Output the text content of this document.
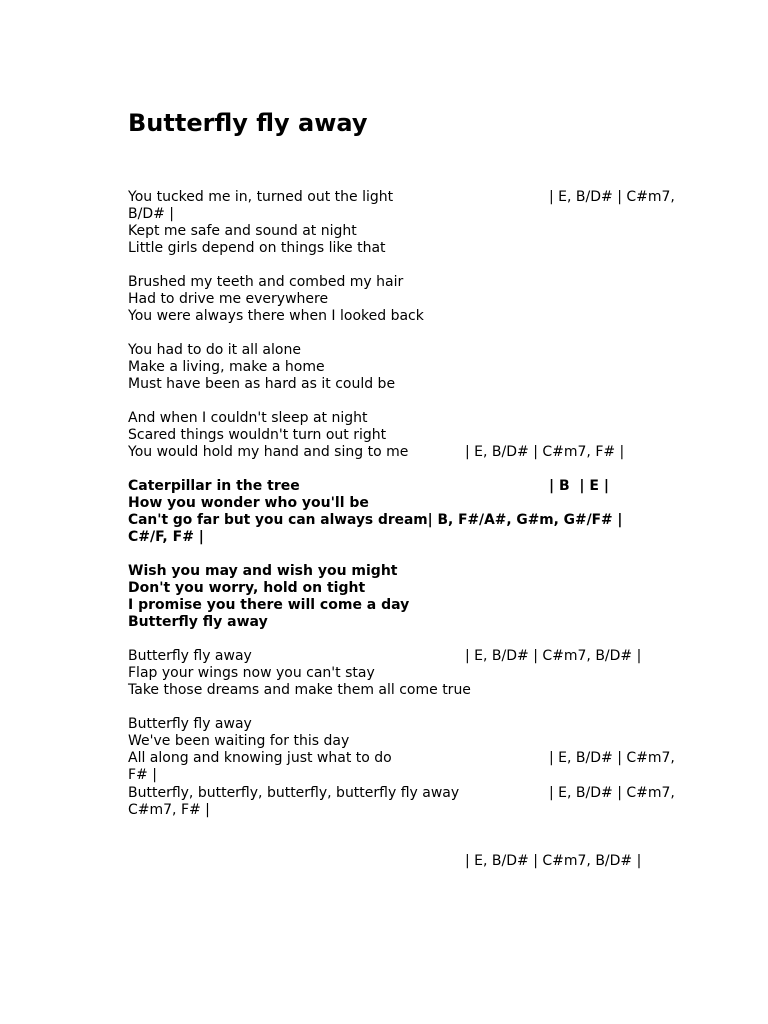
Butterfly fly away
You tucked me in, turned out the light	| E, B/D# | C#m7,
B/D# |
Kept me safe and sound at night
Little girls depend on things like that
Brushed my teeth and combed my hair
Had to drive me everywhere
You were always there when I looked back
You had to do it all alone
Make a living, make a home
Must have been as hard as it could be
And when I couldn't sleep at night
Scared things wouldn't turn out right
You would hold my hand and sing to me	| E, B/D# | C#m7, F# |
Caterpillar in the tree	| B  | E |
How you wonder who you'll be
Can't go far but you can always dream| B, F#/A#, G#m, G#/F# |
C#/F, F# |
Wish you may and wish you might
Don't you worry, hold on tight
I promise you there will come a day
Butterfly fly away
Butterfly fly away	| E, B/D# | C#m7, B/D# |
Flap your wings now you can't stay
Take those dreams and make them all come true
Butterfly fly away
We've been waiting for this day
All along and knowing just what to do	| E, B/D# | C#m7,
F# |
Butterfly, butterfly, butterfly, butterfly fly away	| E, B/D# | C#m7,
C#m7, F# |
| E, B/D# | C#m7, B/D# |
